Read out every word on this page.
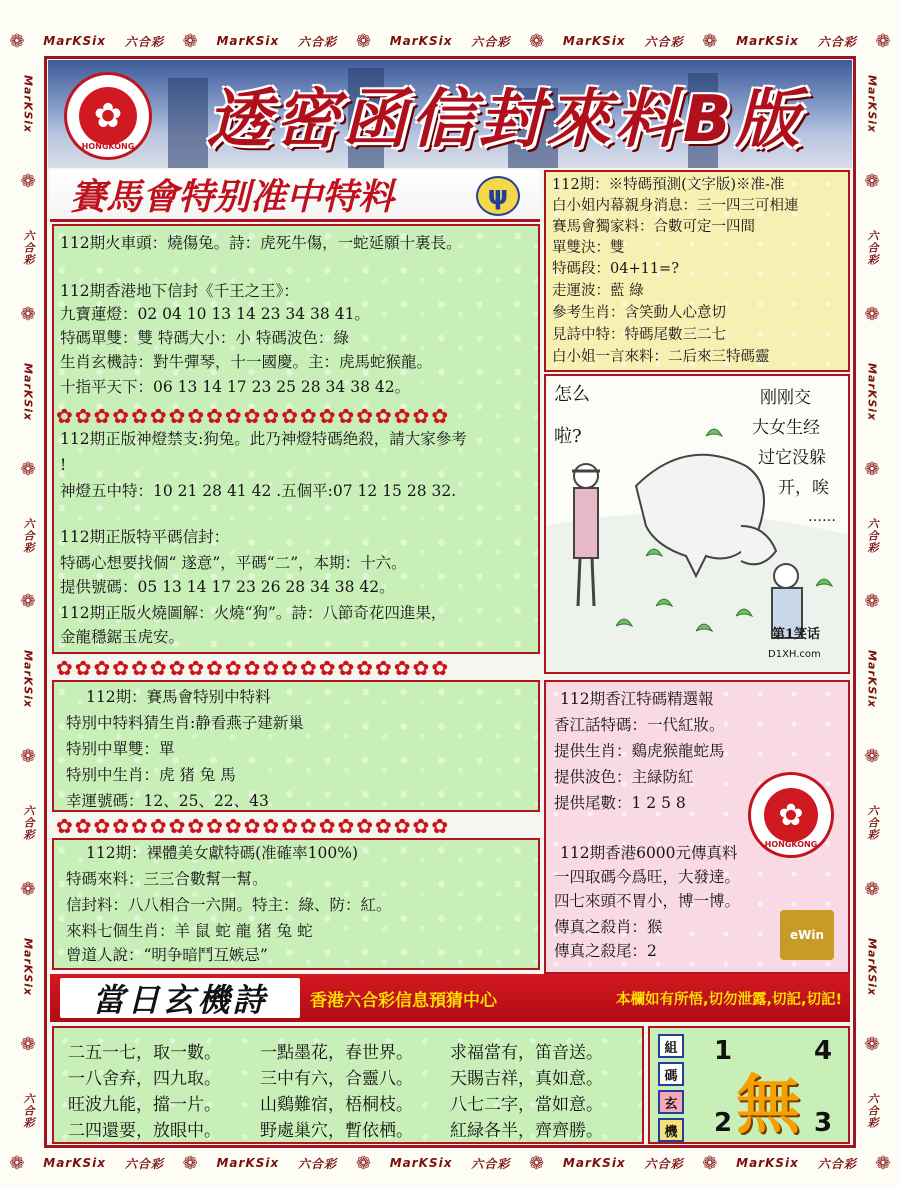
❁ MarKSix 六合彩 ❁ MarKSix 六合彩 ❁ MarKSix 六合彩 ❁ MarKSix 六合彩 ❁ MarKSix 六合彩 ❁
MarKSix
❁
六合彩
❁
MarKSix
❁
六合彩
❁
MarKSix
❁
六合彩
❁
MarKSix
❁
六合彩
MarKSix
❁
六合彩
❁
MarKSix
❁
六合彩
❁
MarKSix
❁
六合彩
❁
MarKSix
❁
六合彩
❁ MarKSix 六合彩 ❁ MarKSix 六合彩 ❁ MarKSix 六合彩 ❁ MarKSix 六合彩 ❁ MarKSix 六合彩 ❁
✿
HONGKONG	透密函信封來料B版
賽馬會特别准中特料	ψ
112期火車頭：燒傷兔。詩：虎死牛傷，一蛇延願十裏長。
112期香港地下信封《千王之王》：
九寶蓮燈：02 04 10 13 14 23 34 38 41。
特碼單雙：雙 特碼大小：小 特碼波色：綠
生肖玄機詩：對牛彈琴，十一國慶。主：虎馬蛇猴龍。
十指平天下：06 13 14 17 23 25 28 34 38 42。
✿ ✿ ✿ ✿ ✿ ✿ ✿ ✿ ✿ ✿ ✿ ✿ ✿ ✿ ✿ ✿ ✿ ✿ ✿ ✿ ✿
112期正版神燈禁支:狗兔。此乃神燈特碼绝殺，請大家參考
!
神燈五中特：10 21 28 41 42 .五個平:07 12 15 28 32.
112期正版特平碼信封：
特碼心想要找個“ 遂意”，平碼“二”，本期：十六。
提供號碼：05 13 14 17 23 26 28 34 38 42。
112期正版火燒圖解：火燒“狗”。詩：八節奇花四進果，
金龍穩鋸玉虎安。
✿ ✿ ✿ ✿ ✿ ✿ ✿ ✿ ✿ ✿ ✿ ✿ ✿ ✿ ✿ ✿ ✿ ✿ ✿ ✿ ✿
112期：賽馬會特别中特料
特別中特料猜生肖:静看燕子建新巢
特别中單雙：單
特别中生肖：虎 猪 兔 馬
幸運號碼：12、25、22、43
✿ ✿ ✿ ✿ ✿ ✿ ✿ ✿ ✿ ✿ ✿ ✿ ✿ ✿ ✿ ✿ ✿ ✿ ✿ ✿ ✿
112期：裸體美女獻特碼(准確率100%)
特碼來料：三三合數幫一幫。
信封料：八八相合一六開。特主：綠、防：紅。
來料七個生肖：羊 鼠 蛇 龍 猪 兔 蛇
曾道人說：“明争暗鬥互嫉忌”
112期：※特碼預測(文字版)※准-准
白小姐内幕親身消息：三一四三可相連
賽馬會獨家料：合數可定一四間
單雙決：雙
特碼段：04+11=?
走運波：藍 綠
參考生肖：含笑動人心意切
見詩中特：特碼尾數三二七
白小姐一言來料：二后來三特碼靈
怎么
啦?
刚刚交
大女生经
过它没躲
开，唉
……
第1笑话
D1XH.com
112期香江特碼精選報
香江話特碼：一代紅妝。
提供生肖：鷄虎猴龍蛇馬
提供波色：主緑防紅
提供尾數：1 2 5 8	✿
HONGKONG
112期香港6000元傳真料
一四取碼今爲旺，大發達。
四七來頭不胃小，博一博。
傳真之殺肖：猴
傳真之殺尾：2
eWin
當日玄機詩	香港六合彩信息預猜中心	本欄如有所悟,切勿泄露,切記,切記!
二五一七，取一數。 一點墨花，春世界。 求福當有，笛音送。
一八舍弃，四九取。 三中有六，合靈八。 天賜吉祥，真如意。
旺波九能，擋一片。 山鷄難宿，梧桐枝。 八七二字，當如意。
二四還要，放眼中。 野處巢穴，暫依栖。 紅緑各半，齊齊勝。
組
碼
玄
機
1	4
2	3
無
